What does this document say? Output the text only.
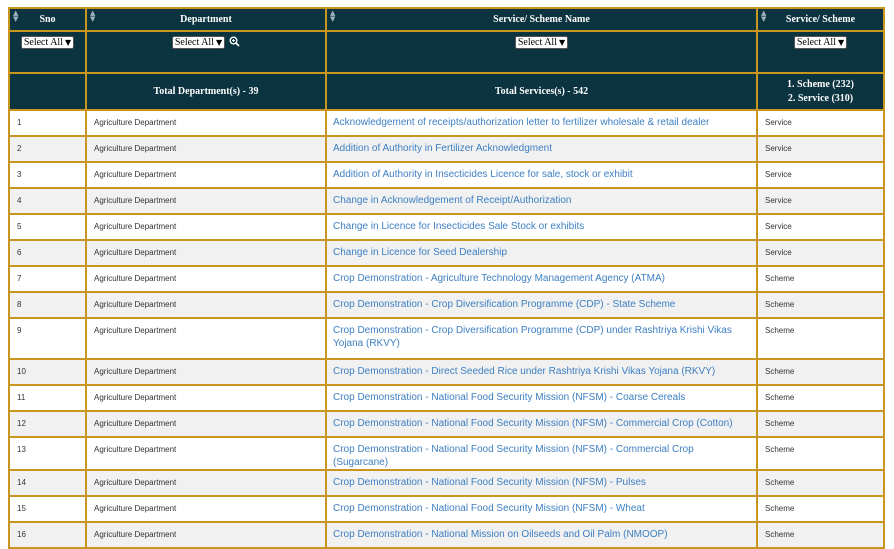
▲
▼ Sno	▲
▼ Department	▲
▼ Service/ Scheme Name	▲
▼ Service/ Scheme

Select All ▼	Select All ▼	Select All ▼	Select All ▼

	Total Department(s) - 39	Total Services(s) - 542	1. Scheme (232)
2. Service (310)

1	Agriculture Department	Acknowledgement of receipts/authorization letter to fertilizer wholesale & retail dealer	Service
2	Agriculture Department	Addition of Authority in Fertilizer Acknowledgment	Service
3	Agriculture Department	Addition of Authority in Insecticides Licence for sale, stock or exhibit	Service
4	Agriculture Department	Change in Acknowledgement of Receipt/Authorization	Service
5	Agriculture Department	Change in Licence for Insecticides Sale Stock or exhibits	Service
6	Agriculture Department	Change in Licence for Seed Dealership	Service
7	Agriculture Department	Crop Demonstration - Agriculture Technology Management Agency (ATMA)	Scheme
8	Agriculture Department	Crop Demonstration - Crop Diversification Programme (CDP) - State Scheme	Scheme
9	Agriculture Department	Crop Demonstration - Crop Diversification Programme (CDP) under Rashtriya Krishi Vikas Yojana (RKVY)	Scheme
10	Agriculture Department	Crop Demonstration - Direct Seeded Rice under Rashtriya Krishi Vikas Yojana (RKVY)	Scheme
11	Agriculture Department	Crop Demonstration - National Food Security Mission (NFSM) - Coarse Cereals	Scheme
12	Agriculture Department	Crop Demonstration - National Food Security Mission (NFSM) - Commercial Crop (Cotton)	Scheme
13	Agriculture Department	Crop Demonstration - National Food Security Mission (NFSM) - Commercial Crop (Sugarcane)	Scheme
14	Agriculture Department	Crop Demonstration - National Food Security Mission (NFSM) - Pulses	Scheme
15	Agriculture Department	Crop Demonstration - National Food Security Mission (NFSM) - Wheat	Scheme
16	Agriculture Department	Crop Demonstration - National Mission on Oilseeds and Oil Palm (NMOOP)	Scheme
